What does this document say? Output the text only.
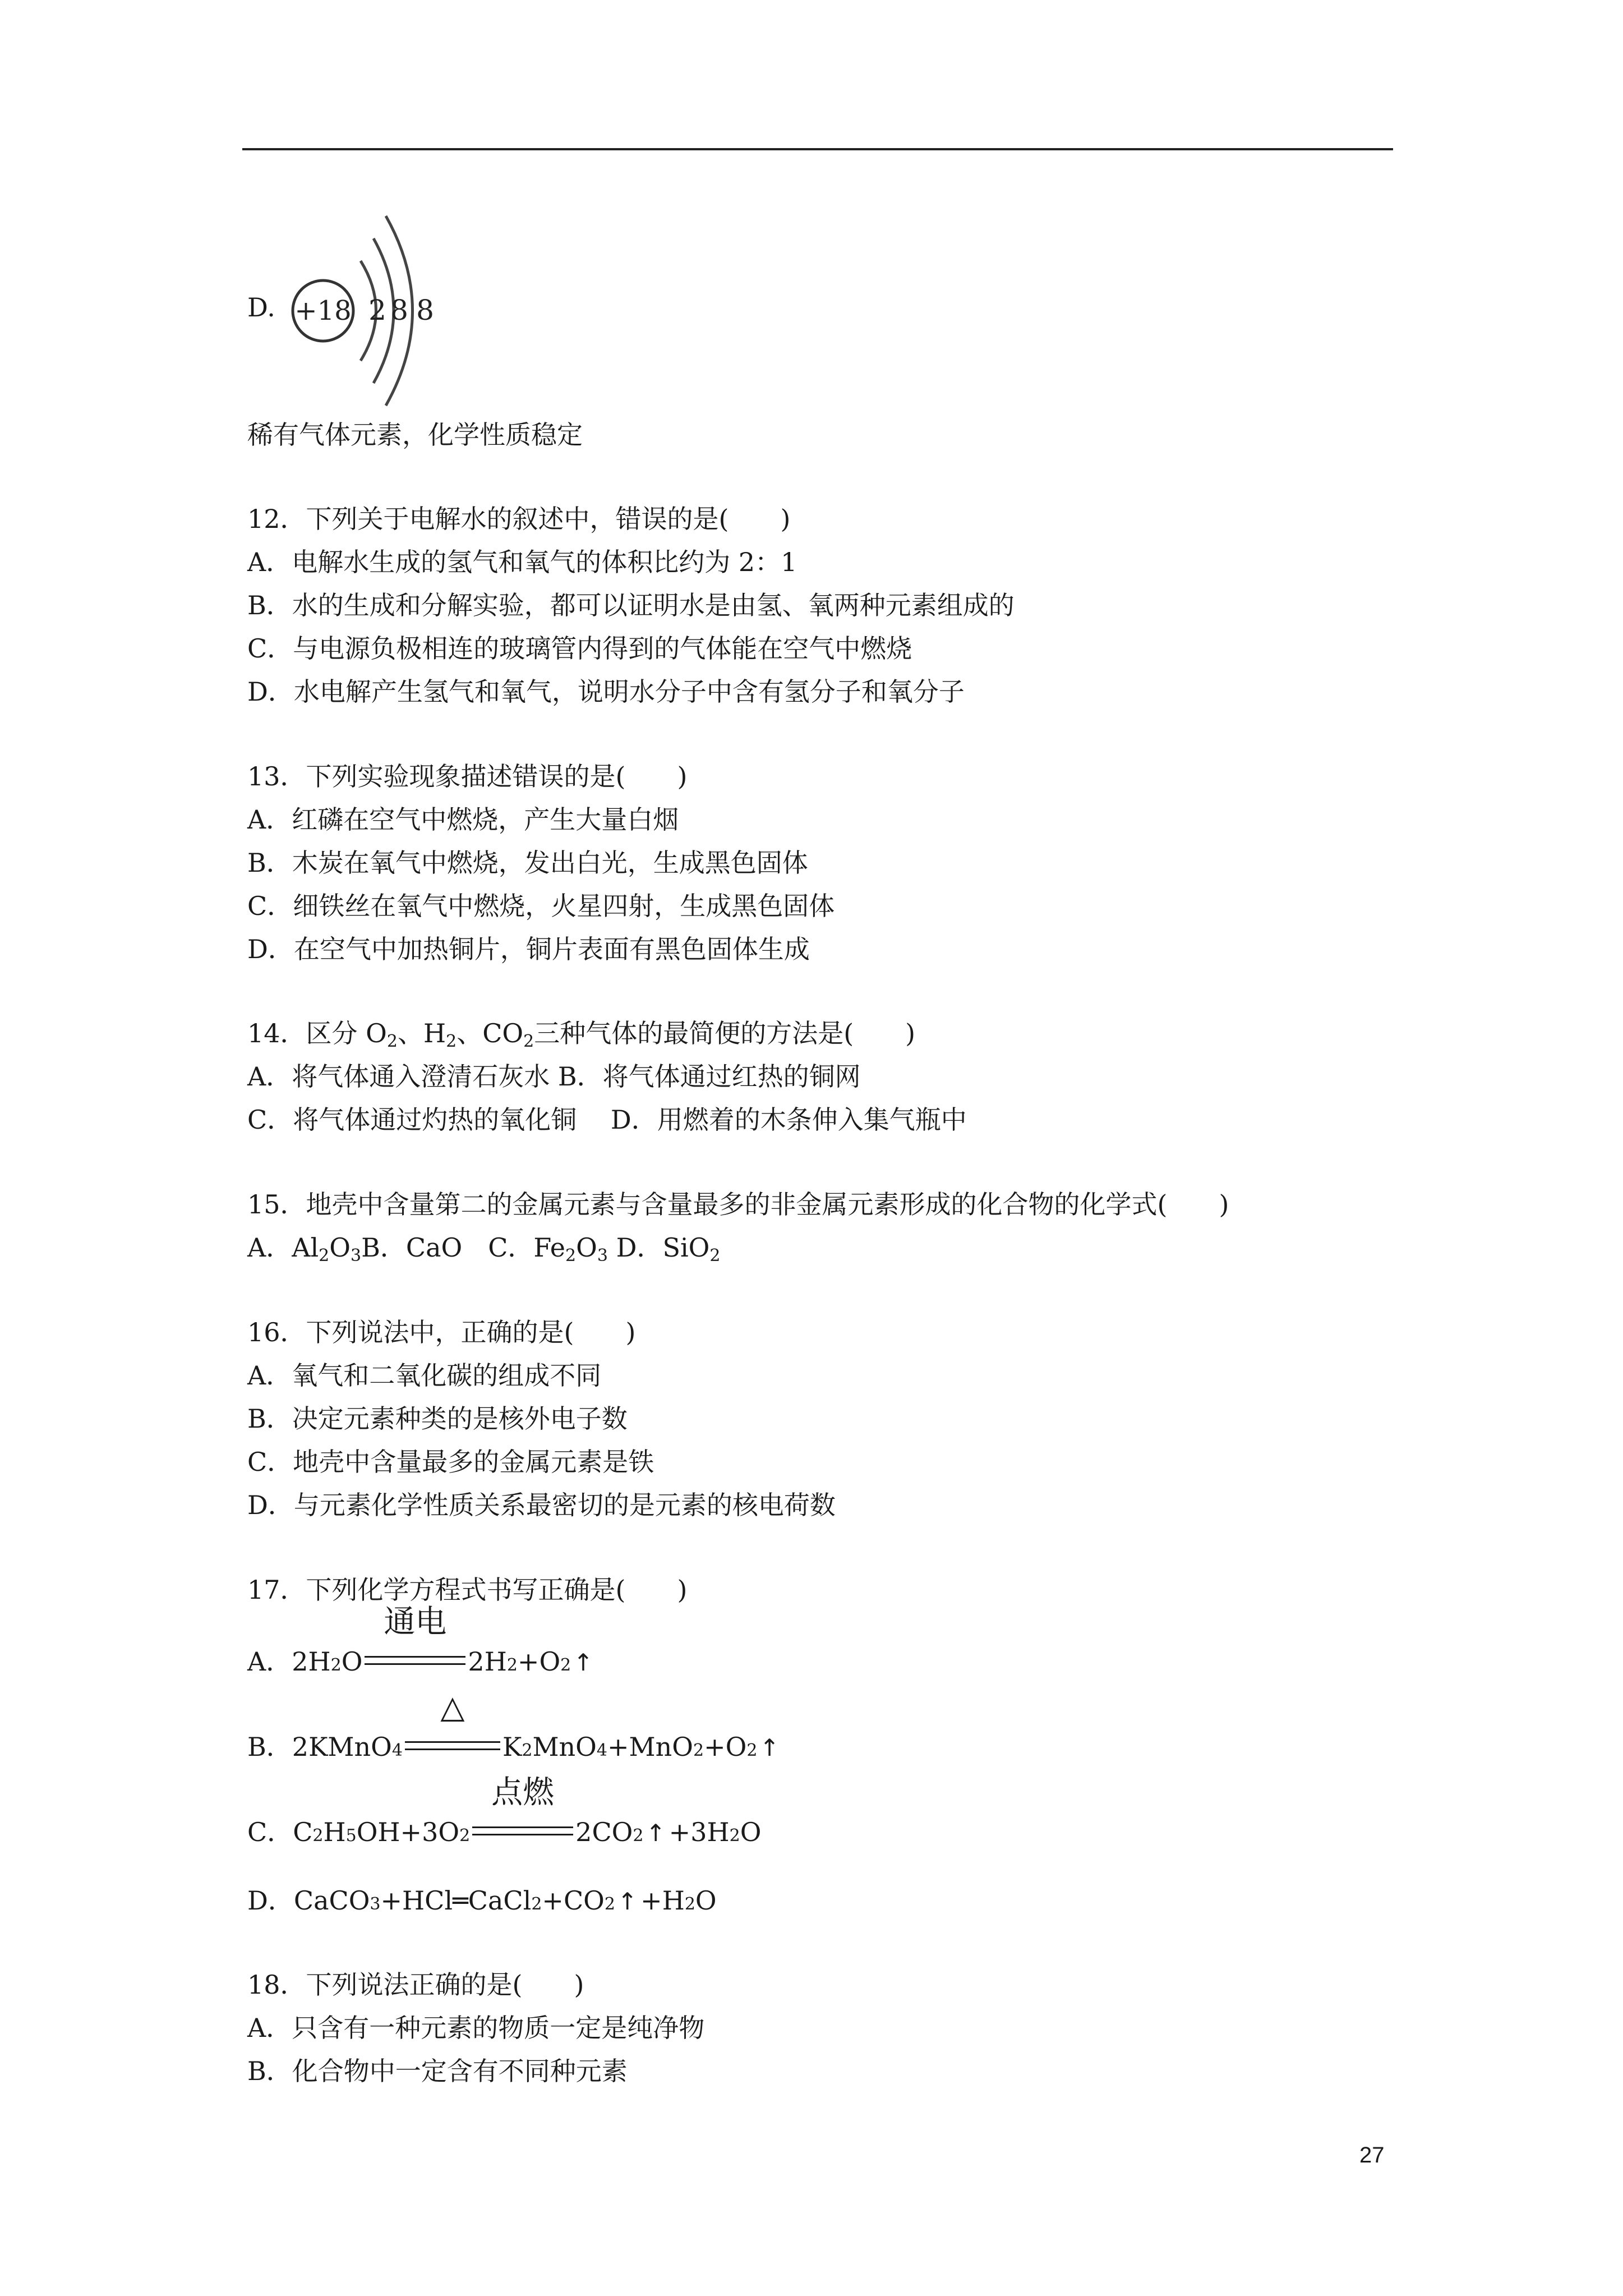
D. +18 2 8 8
稀有气体元素，化学性质稳定
12．下列关于电解水的叙述中，错误的是(　　)
A．电解水生成的氢气和氧气的体积比约为 2：1
B．水的生成和分解实验，都可以证明水是由氢、氧两种元素组成的
C．与电源负极相连的玻璃管内得到的气体能在空气中燃烧
D．水电解产生氢气和氧气，说明水分子中含有氢分子和氧分子
13．下列实验现象描述错误的是(　　)
A．红磷在空气中燃烧，产生大量白烟
B．木炭在氧气中燃烧，发出白光，生成黑色固体
C．细铁丝在氧气中燃烧，火星四射，生成黑色固体
D．在空气中加热铜片，铜片表面有黑色固体生成
14．区分 $O_2$、$H_2$、$CO_2$三种气体的最简便的方法是(　　)
A．将气体通入澄清石灰水 B．将气体通过红热的铜网
C．将气体通过灼热的氧化铜　 D．用燃着的木条伸入集气瓶中
15．地壳中含量第二的金属元素与含量最多的非金属元素形成的化合物的化学式(　　)
A．$Al_2O_3B$．CaO　C．$Fe_2O_3$ D．SiO$_2$
16．下列说法中，正确的是(　　)
A．氧气和二氧化碳的组成不同
B．决定元素种类的是核外电子数
C．地壳中含量最多的金属元素是铁
D．与元素化学性质关系最密切的是元素的核电荷数
17．下列化学方程式书写正确是(　　)
A．2H 2 O
通电
2H 2 +O 2 ↑
B．2KMnO 4
△
K 2 MnO 4 +MnO 2 +O 2 ↑
C．C 2 H 5 OH+3O 2
点燃
2CO 2 ↑ +3H 2 O
D．CaCO 3 +HCl═CaCl 2 +CO 2 ↑ +H 2 O
18．下列说法正确的是(　　)
A．只含有一种元素的物质一定是纯净物
B．化合物中一定含有不同种元素
27
